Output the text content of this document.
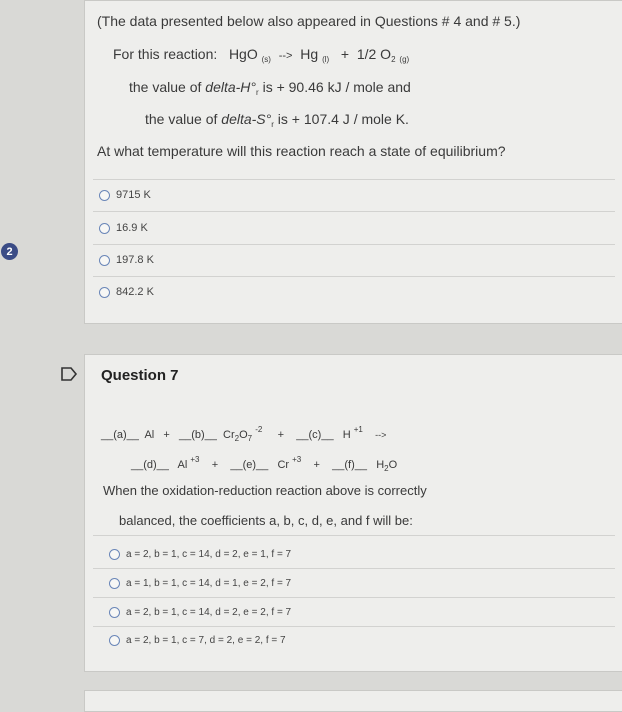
(The data presented below also appeared in Questions # 4 and # 5.)
For this reaction: HgO $_{(s)}$ --> Hg $_{(l)}$ + 1/2 $O_2$ $_{(g)}$
the value of delta-$H^\circ_r$ is + 90.46 kJ / mole and
the value of delta-$S^\circ_r$ is + 107.4 J / mole K.
At what temperature will this reaction reach a state of equilibrium?
9715 K
16.9 K
197.8 K
842.2 K
2
Question 7
__(a)__ Al + __(b)__ $Cr_2O_7$ $^{-2}$ + __(c)__ H $^{+1}$    -->
__(d)__ Al $^{+3}$ + __(e)__ Cr $^{+3}$ + __(f)__ $H_2O$
When the oxidation-reduction reaction above is correctly
balanced, the coefficients a, b, c, d, e, and f will be:
a = 2, b = 1, c = 14, d = 2, e = 1, f = 7
a = 1, b = 1, c = 14, d = 1, e = 2, f = 7
a = 2, b = 1, c = 14, d = 2, e = 2, f = 7
a = 2, b = 1, c = 7, d = 2, e = 2, f = 7
